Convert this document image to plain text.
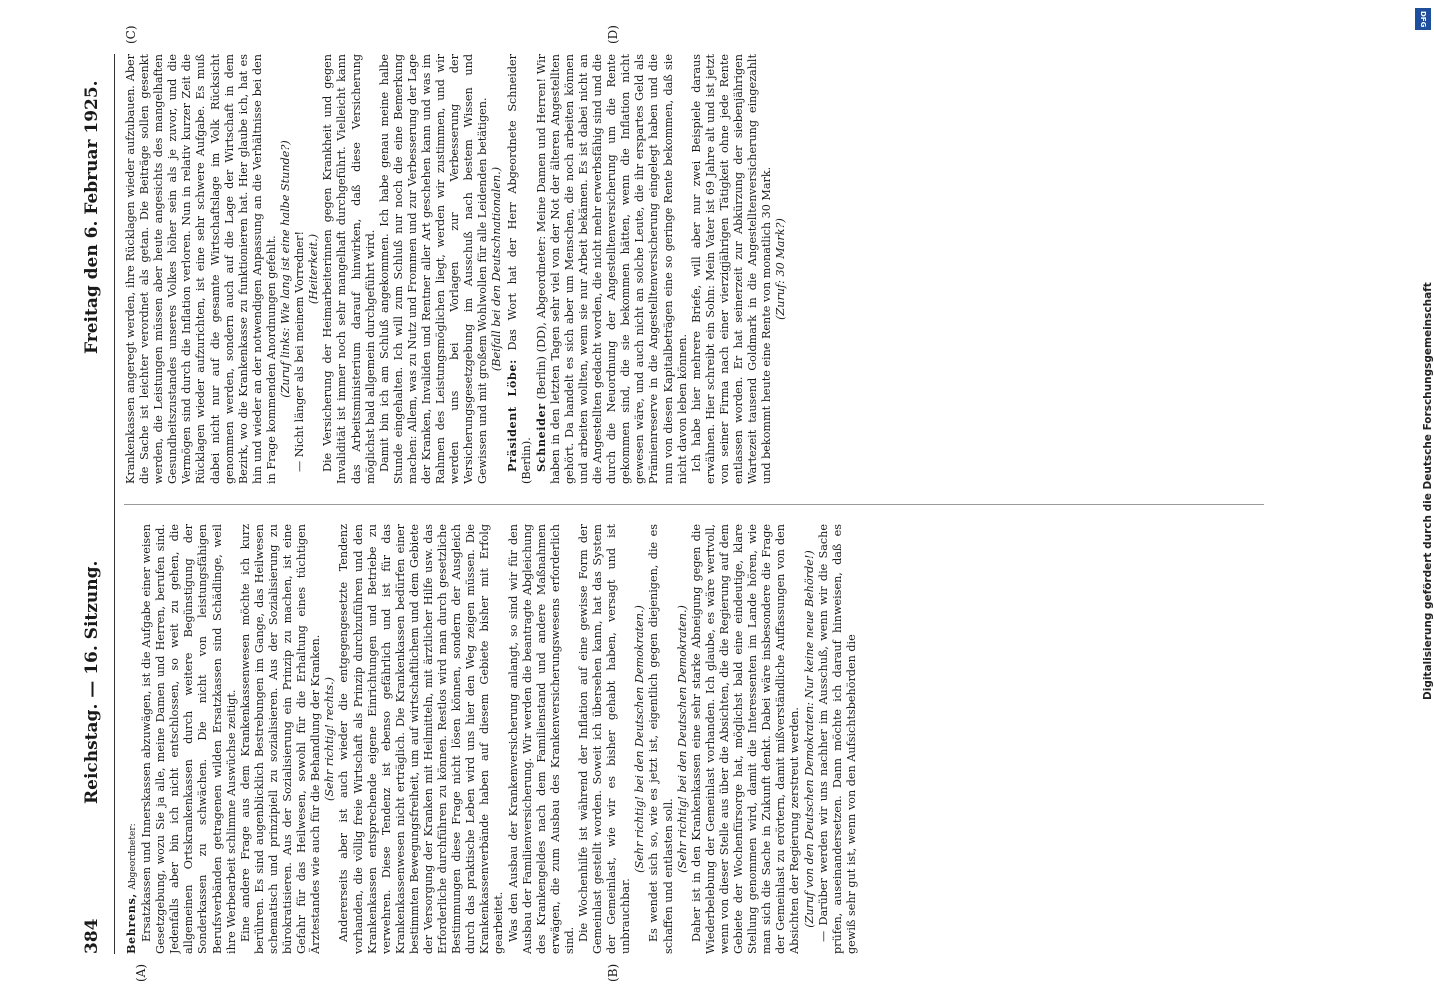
384
Reichstag. — 16. Sitzung.
Freitag den 6. Februar 1925.
(A)	(B)
(C)	(D)

Behrens, Abgeordneter: Ersatzkassen und Innerskassen abzuwägen, ist die Aufgabe einer weisen Gesetzgebung, wozu Sie ja alle, meine Damen und Herren, berufen sind. Jedenfalls aber bin ich nicht entschlossen, so weit zu gehen, die allgemeinen Ortskrankenkassen durch weitere Begünstigung der Sonderkassen zu schwächen. Die nicht von leistungsfähigen Berufsverbänden getragenen wilden Ersatzkassen sind Schädlinge, weil ihre Werbearbeit schlimme Auswüchse zeitigt. Eine andere Frage aus dem Krankenkassenwesen möchte ich kurz berühren. Es sind augenblicklich Bestrebungen im Gange, das Heilwesen schematisch und prinzipiell zu sozialisieren. Aus der Sozialisierung zu bürokratisieren. Aus der Sozialisierung ein Prinzip zu machen, ist eine Gefahr für das Heilwesen, sowohl für die Erhaltung eines tüchtigen Ärztestandes wie auch für die Behandlung der Kranken. (Sehr richtig! rechts.) Andererseits aber ist auch wieder die entgegengesetzte Tendenz vorhanden, die völlig freie Wirtschaft als Prinzip durchzuführen und den Krankenkassen entsprechende eigene Einrichtungen und Betriebe zu verwehren. Diese Tendenz ist ebenso gefährlich und ist für das Krankenkassenwesen nicht erträglich. Die Krankenkassen bedürfen einer bestimmten Bewegungsfreiheit, um auf wirtschaftlichem und dem Gebiete der Versorgung der Kranken mit Heilmitteln, mit ärztlicher Hilfe usw. das Erforderliche durchführen zu können. Restlos wird man durch gesetzliche Bestimmungen diese Frage nicht lösen können, sondern der Ausgleich durch das praktische Leben wird uns hier den Weg zeigen müssen. Die Krankenkassenverbände haben auf diesem Gebiete bisher mit Erfolg gearbeitet. Was den Ausbau der Krankenversicherung anlangt, so sind wir für den Ausbau der Familienversicherung. Wir werden die beantragte Abgleichung des Krankengeldes nach dem Familienstand und andere Maßnahmen erwägen, die zum Ausbau des Krankenversicherungswesens erforderlich sind. Die Wochenhilfe ist während der Inflation auf eine gewisse Form der Gemeinlast gestellt worden. Soweit ich übersehen kann, hat das System der Gemeinlast, wie wir es bisher gehabt haben, versagt und ist unbrauchbar.

(Sehr richtig! bei den Deutschen Demokraten.) Es wendet sich so, wie es jetzt ist, eigentlich gegen diejenigen, die es schaffen und entlasten soll.

(Sehr richtig! bei den Deutschen Demokraten.) Daher ist in den Krankenkassen eine sehr starke Abneigung gegen die Wiederbelebung der Gemeinlast vorhanden. Ich glaube, es wäre wertvoll, wenn von dieser Stelle aus über die Absichten, die die Regierung auf dem Gebiete der Wochenfürsorge hat, möglichst bald eine eindeutige, klare Stellung genommen wird, damit die Interessenten im Lande hören, wie man sich die Sache in Zukunft denkt. Dabei wäre insbesondere die Frage der Gemeinlast zu erörtern, damit mißverständliche Auffassungen von den Absichten der Regierung zerstreut werden. (Zuruf von den Deutschen Demokraten: Nur keine neue Behörde!) — Darüber werden wir uns nachher im Ausschuß, wenn wir die Sache prüfen, auseinandersetzen. Dann möchte ich darauf hinweisen, daß es gewiß sehr gut ist, wenn von den Aufsichtsbehörden die

Krankenkassen angeregt werden, ihre Rücklagen wieder aufzubauen. Aber die Sache ist leichter verordnet als getan. Die Beiträge sollen gesenkt werden, die Leistungen müssen aber heute angesichts des mangelhaften Gesundheitszustandes unseres Volkes höher sein als je zuvor, und die Vermögen sind durch die Inflation verloren. Nun in relativ kurzer Zeit die Rücklagen wieder aufzurichten, ist eine sehr schwere Aufgabe. Es muß dabei nicht nur auf die gesamte Wirtschaftslage im Volk Rücksicht genommen werden, sondern auch auf die Lage der Wirtschaft in dem Bezirk, wo die Krankenkasse zu funktionieren hat. Hier glaube ich, hat es hin und wieder an der notwendigen Anpassung an die Verhältnisse bei den in Frage kommenden Anordnungen gefehlt. (Zuruf links: Wie lang ist eine halbe Stunde?) — Nicht länger als bei meinem Vorredner! (Heiterkeit.) Die Versicherung der Heimarbeiterinnen gegen Krankheit und gegen Invalidität ist immer noch sehr mangelhaft durchgeführt. Vielleicht kann das Arbeitsministerium darauf hinwirken, daß diese Versicherung möglichst bald allgemein durchgeführt wird. Damit bin ich am Schluß angekommen. Ich habe genau meine halbe Stunde eingehalten. Ich will zum Schluß nur noch die eine Bemerkung machen: Allem, was zu Nutz und Frommen und zur Verbesserung der Lage der Kranken, Invaliden und Rentner aller Art geschehen kann und was im Rahmen des Leistungsmöglichen liegt, werden wir zustimmen, und wir werden uns bei Vorlagen zur Verbesserung der Versicherungsgesetzgebung im Ausschuß nach bestem Wissen und Gewissen und mit großem Wohlwollen für alle Leidenden betätigen. (Beifall bei den Deutschnationalen.)

Präsident Löbe: Das Wort hat der Herr Abgeordnete Schneider (Berlin). Schneider (Berlin) (DD), Abgeordneter: Meine Damen und Herren! Wir haben in den letzten Tagen sehr viel von der Not der älteren Angestellten gehört. Da handelt es sich aber um Menschen, die noch arbeiten können und arbeiten wollten, wenn sie nur Arbeit bekämen. Es ist dabei nicht an die Angestellten gedacht worden, die nicht mehr erwerbsfähig sind und die durch die Neuordnung der Angestelltenversicherung um die Rente gekommen sind, die sie bekommen hätten, wenn die Inflation nicht gewesen wäre, und auch nicht an solche Leute, die ihr erspartes Geld als Prämienreserve in die Angestelltenversicherung eingelegt haben und die nun von diesen Kapitalbeträgen eine so geringe Rente bekommen, daß sie nicht davon leben können. Ich habe hier mehrere Briefe, will aber nur zwei Beispiele daraus erwähnen. Hier schreibt ein Sohn: Mein Vater ist 69 Jahre alt und ist jetzt von seiner Firma nach einer vierzigjährigen Tätigkeit ohne jede Rente entlassen worden. Er hat seinerzeit zur Abkürzung der siebenjährigen Wartezeit tausend Goldmark in die Angestelltenversicherung eingezahlt und bekommt heute eine Rente von monatlich 30 Mark. (Zuruf: 30 Mark?)

DFG
Digitalisierung gefördert durch die Deutsche Forschungsgemeinschaft
